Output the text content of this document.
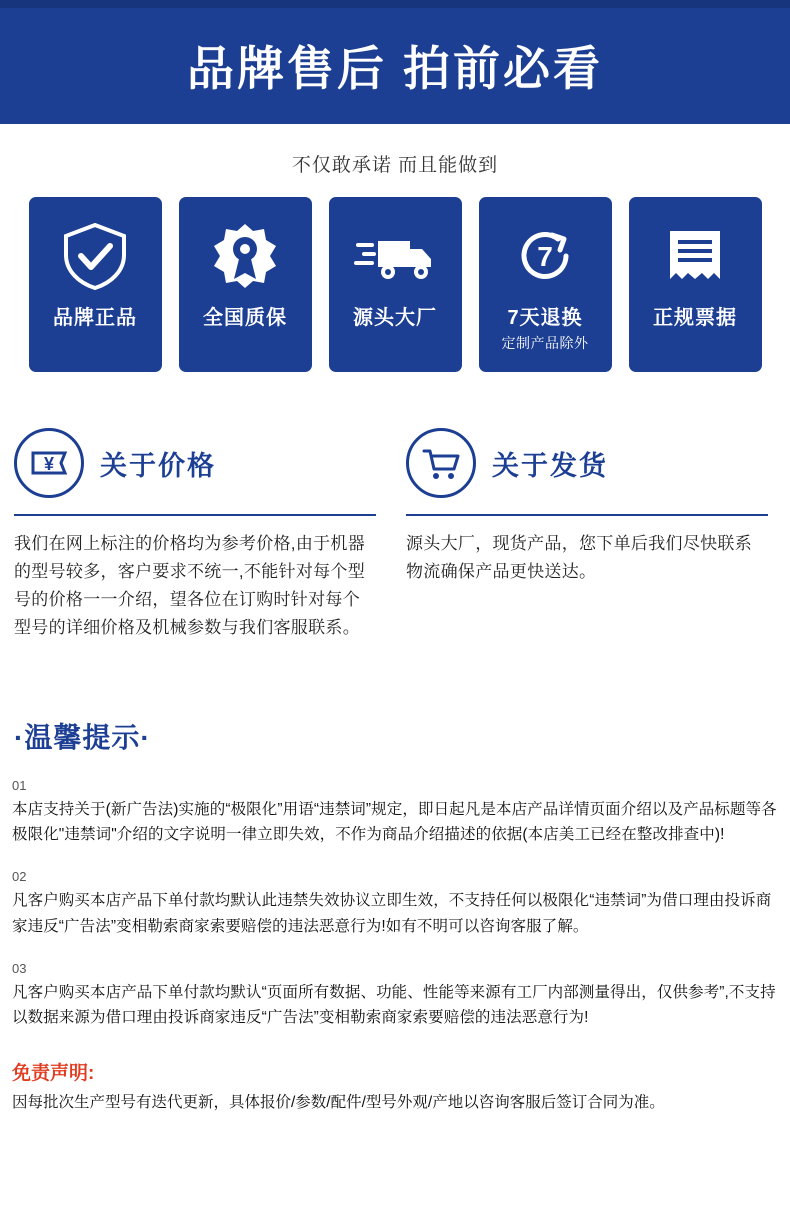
品牌售后 拍前必看
不仅敢承诺 而且能做到
品牌正品	全国质保	源头大厂
7
7天退换
定制产品除外
正规票据
¥ 关于价格
我们在网上标注的价格均为参考价格,由于机器的型号较多，客户要求不统一,不能针对每个型号的价格一一介绍，望各位在订购时针对每个型号的详细价格及机械参数与我们客服联系。
关于发货
源头大厂，现货产品，您下单后我们尽快联系物流确保产品更快送达。
·温馨提示·
01
本店支持关于(新广告法)实施的“极限化”用语“违禁词”规定，即日起凡是本店产品详情页面介绍以及产品标题等各极限化"违禁词"介绍的文字说明一律立即失效，不作为商品介绍描述的依据(本店美工已经在整改排查中)!
02
凡客户购买本店产品下单付款均默认此违禁失效协议立即生效，不支持任何以极限化“违禁词”为借口理由投诉商家违反“广告法”变相勒索商家索要赔偿的违法恶意行为!如有不明可以咨询客服了解。
03
凡客户购买本店产品下单付款均默认“页面所有数据、功能、性能等来源有工厂内部测量得出，仅供参考”,不支持以数据来源为借口理由投诉商家违反“广告法”变相勒索商家索要赔偿的违法恶意行为!
免责声明:
因每批次生产型号有迭代更新，具体报价/参数/配件/型号外观/产地以咨询客服后签订合同为准。
